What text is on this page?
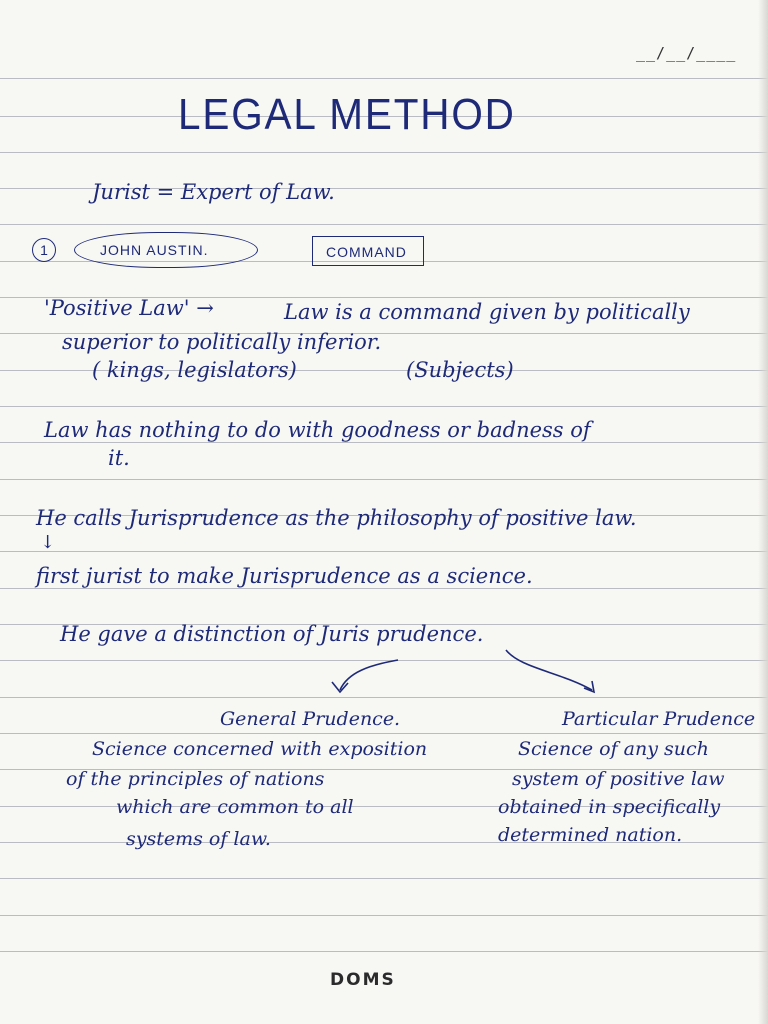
__/__/____
LEGAL METHOD
Jurist = Expert of Law.
1	JOHN AUSTIN.	COMMAND
'Positive Law' →	Law is a command given by politically
superior to politically inferior.
( kings, legislators)	(Subjects)
Law has nothing to do with goodness or badness of
it.
He calls Jurisprudence as the philosophy of positive law.
↓
first jurist to make Jurisprudence as a science.
He gave a distinction of Juris prudence.
General Prudence.
Science concerned with exposition
of the principles of nations
which are common to all
systems of law.
Particular Prudence
Science of any such
system of positive law
obtained in specifically
determined nation.
DOMS
